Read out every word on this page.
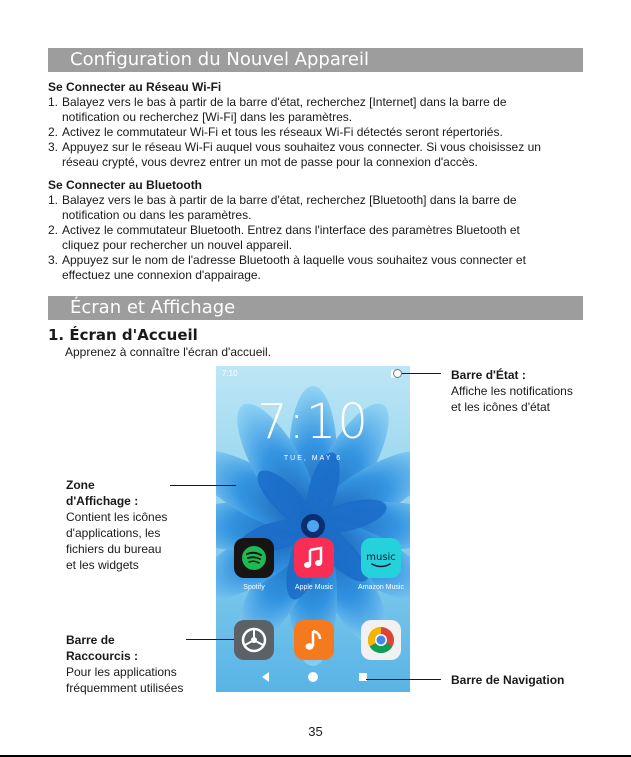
Configuration du Nouvel Appareil
Se Connecter au Réseau Wi-Fi
1. Balayez vers le bas à partir de la barre d'état, recherchez [Internet] dans la barre de
notification ou recherchez [Wi-Fi] dans les paramètres.
2. Activez le commutateur Wi-Fi et tous les réseaux Wi-Fi détectés seront répertoriés.
3. Appuyez sur le réseau Wi-Fi auquel vous souhaitez vous connecter. Si vous choisissez un
réseau crypté, vous devrez entrer un mot de passe pour la connexion d'accès.
Se Connecter au Bluetooth
1. Balayez vers le bas à partir de la barre d'état, recherchez [Bluetooth] dans la barre de
notification ou dans les paramètres.
2. Activez le commutateur Bluetooth. Entrez dans l'interface des paramètres Bluetooth et
cliquez pour rechercher un nouvel appareil.
3. Appuyez sur le nom de l'adresse Bluetooth à laquelle vous souhaitez vous connecter et
effectuez une connexion d'appairage.
Écran et Affichage
1. Écran d'Accueil
Apprenez à connaître l'écran d'accueil.
7:10
7:10
TUE, MAY 6
music
Spotify	Apple Music	Amazon Music
Barre d'État :
Affiche les notifications
et les icônes d'état
Zone
d'Affichage :
Contient les icônes
d'applications, les
fichiers du bureau
et les widgets
Barre de
Raccourcis :
Pour les applications
fréquemment utilisées
Barre de Navigation
35
